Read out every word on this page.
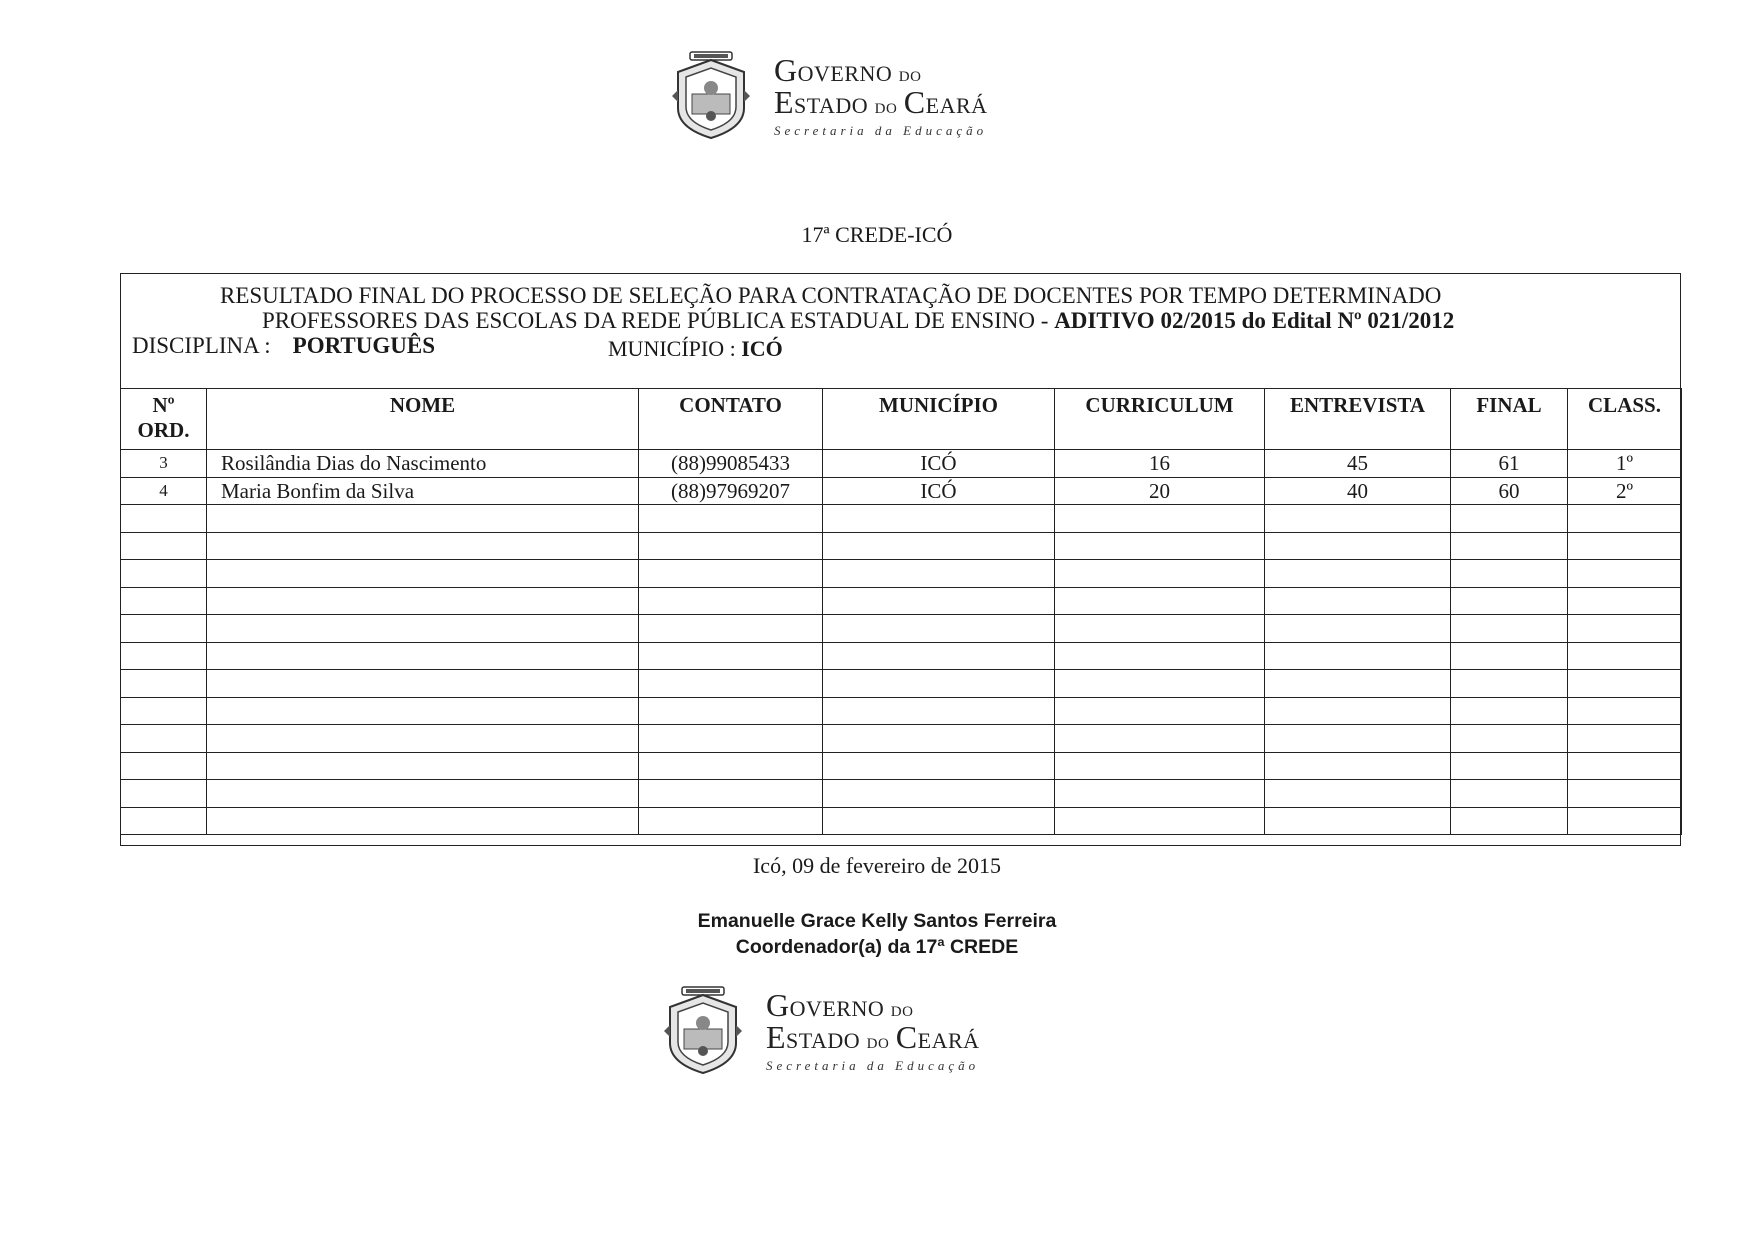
Governo do
Estado do Ceará
Secretaria da Educação
17ª CREDE-ICÓ
RESULTADO FINAL DO PROCESSO DE SELEÇÃO PARA CONTRATAÇÃO DE DOCENTES POR TEMPO DETERMINADO
PROFESSORES DAS ESCOLAS DA REDE PÚBLICA ESTADUAL DE ENSINO - ADITIVO 02/2015 do Edital Nº 021/2012
DISCIPLINA : PORTUGUÊS	MUNICÍPIO : ICÓ
Nº
ORD.	NOME	CONTATO	MUNICÍPIO	CURRICULUM	ENTREVISTA	FINAL	CLASS.
3	Rosilândia Dias do Nascimento	(88)99085433	ICÓ	16	45	61	1º
4	Maria Bonfim da Silva	(88)97969207	ICÓ	20	40	60	2º

Icó, 09 de fevereiro de 2015
Emanuelle Grace Kelly Santos Ferreira
Coordenador(a) da 17ª CREDE
Governo do
Estado do Ceará
Secretaria da Educação
